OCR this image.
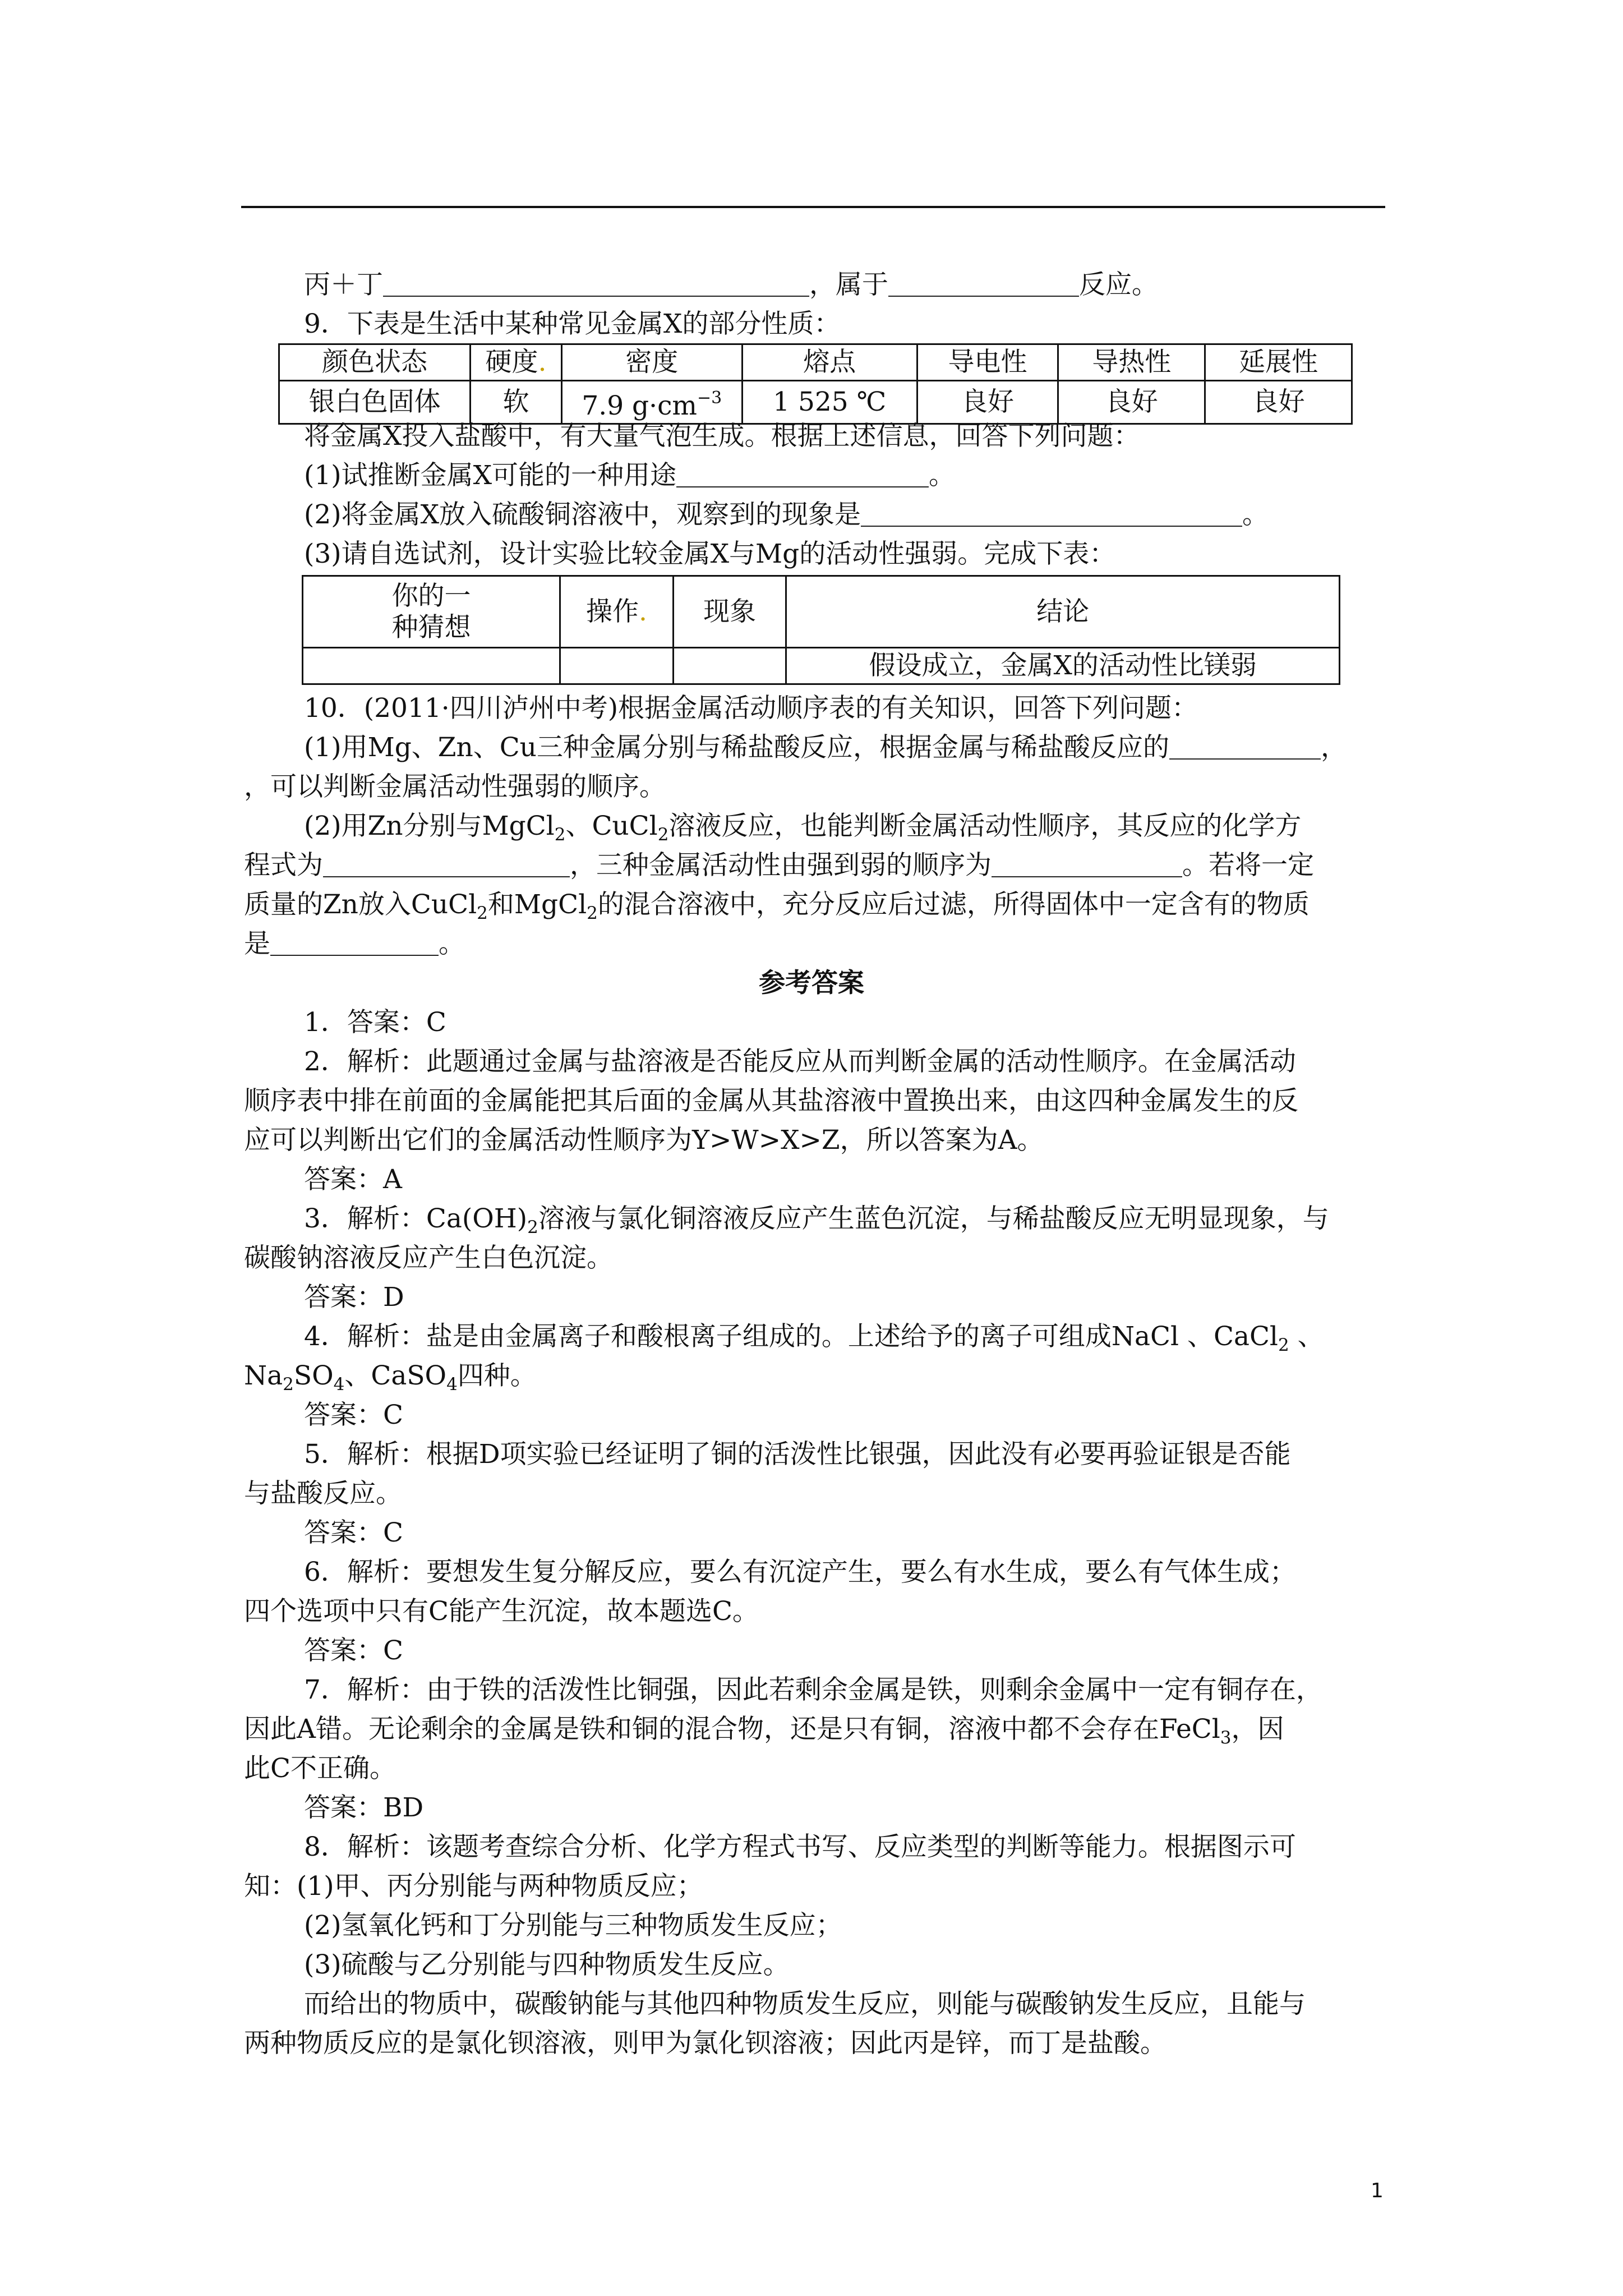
丙＋丁	，属于	反应。
9．下表是生活中某种常见金属X的部分性质：
颜色状态	硬度.	密度	熔点	导电性	导热性	延展性
银白色固体	软	7.9 $g\cdot cm^{-3}$	1 525 ℃	良好	良好	良好
将金属X投入盐酸中，有大量气泡生成。根据上述信息，回答下列问题：
(1)试推断金属X可能的一种用途	。
(2)将金属X放入硫酸铜溶液中，观察到的现象是	。
(3)请自选试剂，设计实验比较金属X与Mg的活动性强弱。完成下表：
你的一
种猜想	操作.	现象	结论
			假设成立，金属X的活动性比镁弱
10．(2011·四川泸州中考)根据金属活动顺序表的有关知识，回答下列问题：
(1)用Mg、Zn、Cu三种金属分别与稀盐酸反应，根据金属与稀盐酸反应的	，
，可以判断金属活动性强弱的顺序。
(2)用Zn分别与MgCl$_2$、CuCl$_2$溶液反应，也能判断金属活动性顺序，其反应的化学方
程式为	，三种金属活动性由强到弱的顺序为	。若将一定
质量的Zn放入CuCl$_2$和MgCl$_2$的混合溶液中，充分反应后过滤，所得固体中一定含有的物质
是	。
参考答案
1．答案：C
2．解析：此题通过金属与盐溶液是否能反应从而判断金属的活动性顺序。在金属活动
顺序表中排在前面的金属能把其后面的金属从其盐溶液中置换出来，由这四种金属发生的反
应可以判断出它们的金属活动性顺序为Y>W>X>Z，所以答案为A。
答案：A
3．解析：$Ca(OH)_2$溶液与氯化铜溶液反应产生蓝色沉淀，与稀盐酸反应无明显现象，与
碳酸钠溶液反应产生白色沉淀。
答案：D
4．解析：盐是由金属离子和酸根离子组成的。上述给予的离子可组成NaCl 、CaCl$_2$ 、
$Na_2SO_4$、CaSO$_4$四种。
答案：C
5．解析：根据D项实验已经证明了铜的活泼性比银强，因此没有必要再验证银是否能
与盐酸反应。
答案：C
6．解析：要想发生复分解反应，要么有沉淀产生，要么有水生成，要么有气体生成；
四个选项中只有C能产生沉淀，故本题选C。
答案：C
7．解析：由于铁的活泼性比铜强，因此若剩余金属是铁，则剩余金属中一定有铜存在，
因此A错。无论剩余的金属是铁和铜的混合物，还是只有铜，溶液中都不会存在FeCl$_3$，因
此C不正确。
答案：BD
8．解析：该题考查综合分析、化学方程式书写、反应类型的判断等能力。根据图示可
知：(1)甲、丙分别能与两种物质反应；
(2)氢氧化钙和丁分别能与三种物质发生反应；
(3)硫酸与乙分别能与四种物质发生反应。
而给出的物质中，碳酸钠能与其他四种物质发生反应，则能与碳酸钠发生反应，且能与
两种物质反应的是氯化钡溶液，则甲为氯化钡溶液；因此丙是锌，而丁是盐酸。
1
